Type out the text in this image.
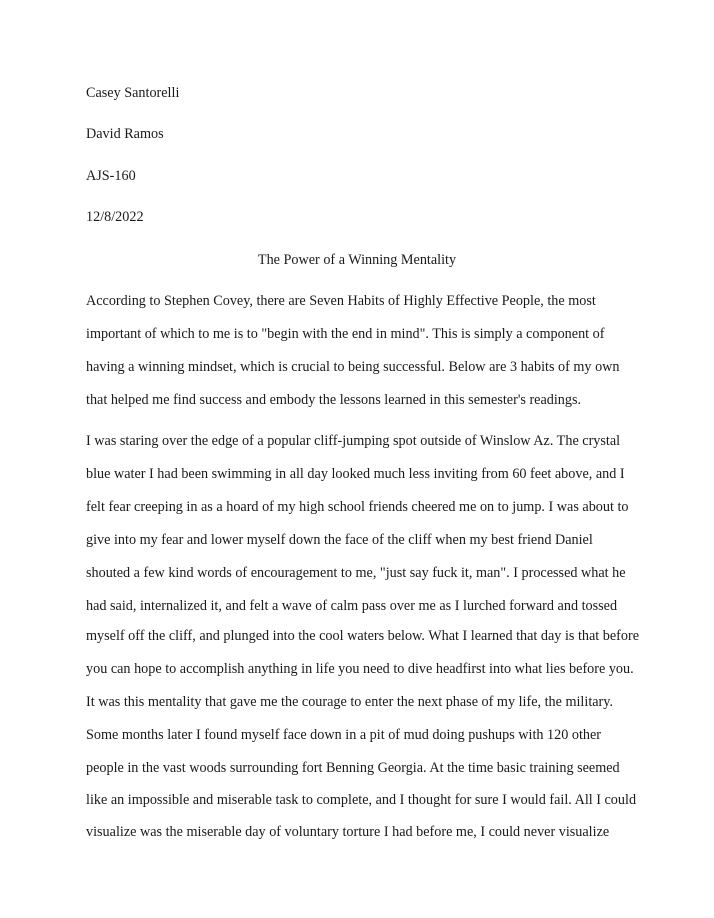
Casey Santorelli
David Ramos
AJS-160
12/8/2022
The Power of a Winning Mentality
According to Stephen Covey, there are Seven Habits of Highly Effective People, the most
important of which to me is to "begin with the end in mind". This is simply a component of
having a winning mindset, which is crucial to being successful. Below are 3 habits of my own
that helped me find success and embody the lessons learned in this semester's readings.
I was staring over the edge of a popular cliff-jumping spot outside of Winslow Az. The crystal
blue water I had been swimming in all day looked much less inviting from 60 feet above, and I
felt fear creeping in as a hoard of my high school friends cheered me on to jump. I was about to
give into my fear and lower myself down the face of the cliff when my best friend Daniel
shouted a few kind words of encouragement to me, "just say fuck it, man". I processed what he
had said, internalized it, and felt a wave of calm pass over me as I lurched forward and tossed
myself off the cliff, and plunged into the cool waters below. What I learned that day is that before
you can hope to accomplish anything in life you need to dive headfirst into what lies before you.
It was this mentality that gave me the courage to enter the next phase of my life, the military.
Some months later I found myself face down in a pit of mud doing pushups with 120 other
people in the vast woods surrounding fort Benning Georgia. At the time basic training seemed
like an impossible and miserable task to complete, and I thought for sure I would fail. All I could
visualize was the miserable day of voluntary torture I had before me, I could never visualize
